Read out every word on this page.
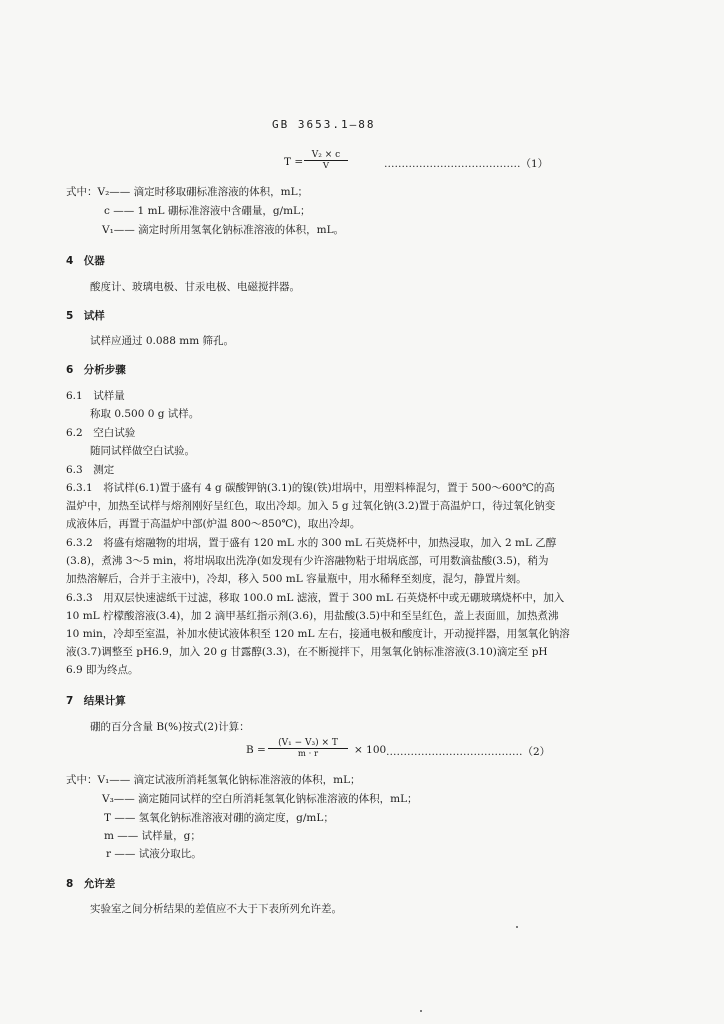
GB 3653.1—88
$T = \frac{\text{V₂ × c}}{V}$	…………………………………（1）
式中：V₂—— 滴定时移取硼标准溶液的体积，mL；
c —— 1 mL 硼标准溶液中含硼量，g/mL；
V₁—— 滴定时所用氢氧化钠标准溶液的体积，mL。
4　仪器
酸度计、玻璃电极、甘汞电极、电磁搅拌器。
5　试样
试样应通过 0.088 mm 筛孔。
6　分析步骤
6.1　试样量
称取 0.500 0 g 试样。
6.2　空白试验
随同试样做空白试验。
6.3　测定
6.3.1　将试样(6.1)置于盛有 4 g 碳酸钾钠(3.1)的镍(铁)坩埚中，用塑料棒混匀，置于 500～600℃的高
温炉中，加热至试样与熔剂刚好呈红色，取出冷却。加入 5 g 过氧化钠(3.2)置于高温炉口，待过氧化钠变
成液体后，再置于高温炉中部(炉温 800～850℃)，取出冷却。
6.3.2　将盛有熔融物的坩埚，置于盛有 120 mL 水的 300 mL 石英烧杯中，加热浸取，加入 2 mL 乙醇
(3.8)，煮沸 3～5 min，将坩埚取出洗净(如发现有少许溶融物粘于坩埚底部，可用数滴盐酸(3.5)，稍为
加热溶解后，合并于主液中)，冷却，移入 500 mL 容量瓶中，用水稀释至刻度，混匀，静置片刻。
6.3.3　用双层快速滤纸干过滤，移取 100.0 mL 滤液，置于 300 mL 石英烧杯中或无硼玻璃烧杯中，加入
10 mL 柠檬酸溶液(3.4)，加 2 滴甲基红指示剂(3.6)，用盐酸(3.5)中和至呈红色，盖上表面皿，加热煮沸
10 min，冷却至室温，补加水使试液体积至 120 mL 左右，接通电极和酸度计，开动搅拌器，用氢氧化钠溶
液(3.7)调整至 pH6.9，加入 20 g 甘露醇(3.3)，在不断搅拌下，用氢氧化钠标准溶液(3.10)滴定至 pH
6.9 即为终点。
7　结果计算
硼的百分含量 B(%)按式(2)计算：
$B = \frac{\text{(V₁ − V₃) × T}}{m \cdot r} \times 100$ …………………………………（2）
式中：V₁—— 滴定试液所消耗氢氧化钠标准溶液的体积，mL；
V₃—— 滴定随同试样的空白所消耗氢氧化钠标准溶液的体积，mL；
T —— 氢氧化钠标准溶液对硼的滴定度，g/mL；
m —— 试样量，g；
r —— 试液分取比。
8　允许差
实验室之间分析结果的差值应不大于下表所列允许差。
